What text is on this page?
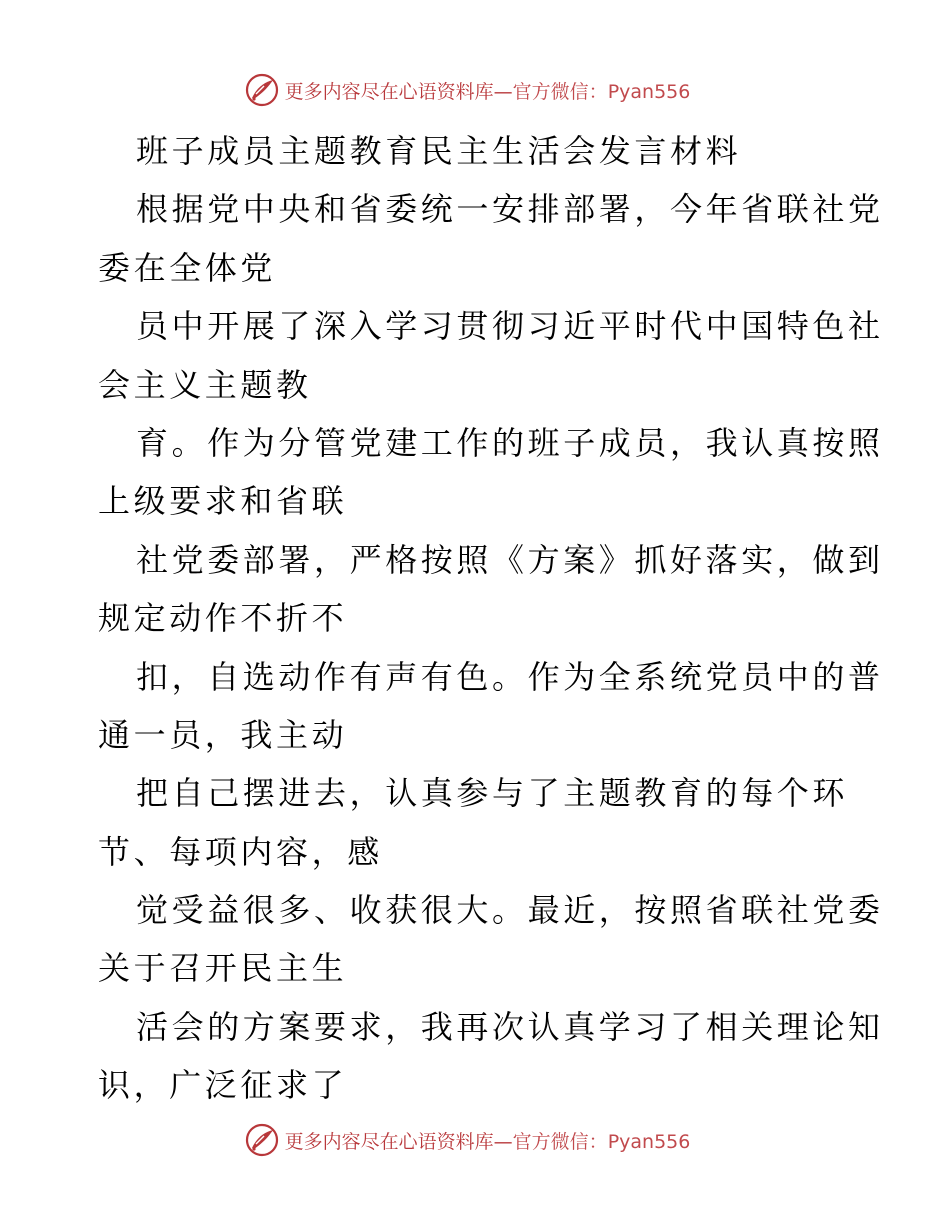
更多内容尽在心语资料库—官方微信：Pyan556
班子成员主题教育民主生活会发言材料
根据党中央和省委统一安排部署，今年省联社党
委在全体党
员中开展了深入学习贯彻习近平时代中国特色社
会主义主题教
育。作为分管党建工作的班子成员，我认真按照
上级要求和省联
社党委部署，严格按照《方案》抓好落实，做到
规定动作不折不
扣，自选动作有声有色。作为全系统党员中的普
通一员，我主动
把自己摆进去，认真参与了主题教育的每个环
节、每项内容，感
觉受益很多、收获很大。最近，按照省联社党委
关于召开民主生
活会的方案要求，我再次认真学习了相关理论知
识，广泛征求了
更多内容尽在心语资料库—官方微信：Pyan556
